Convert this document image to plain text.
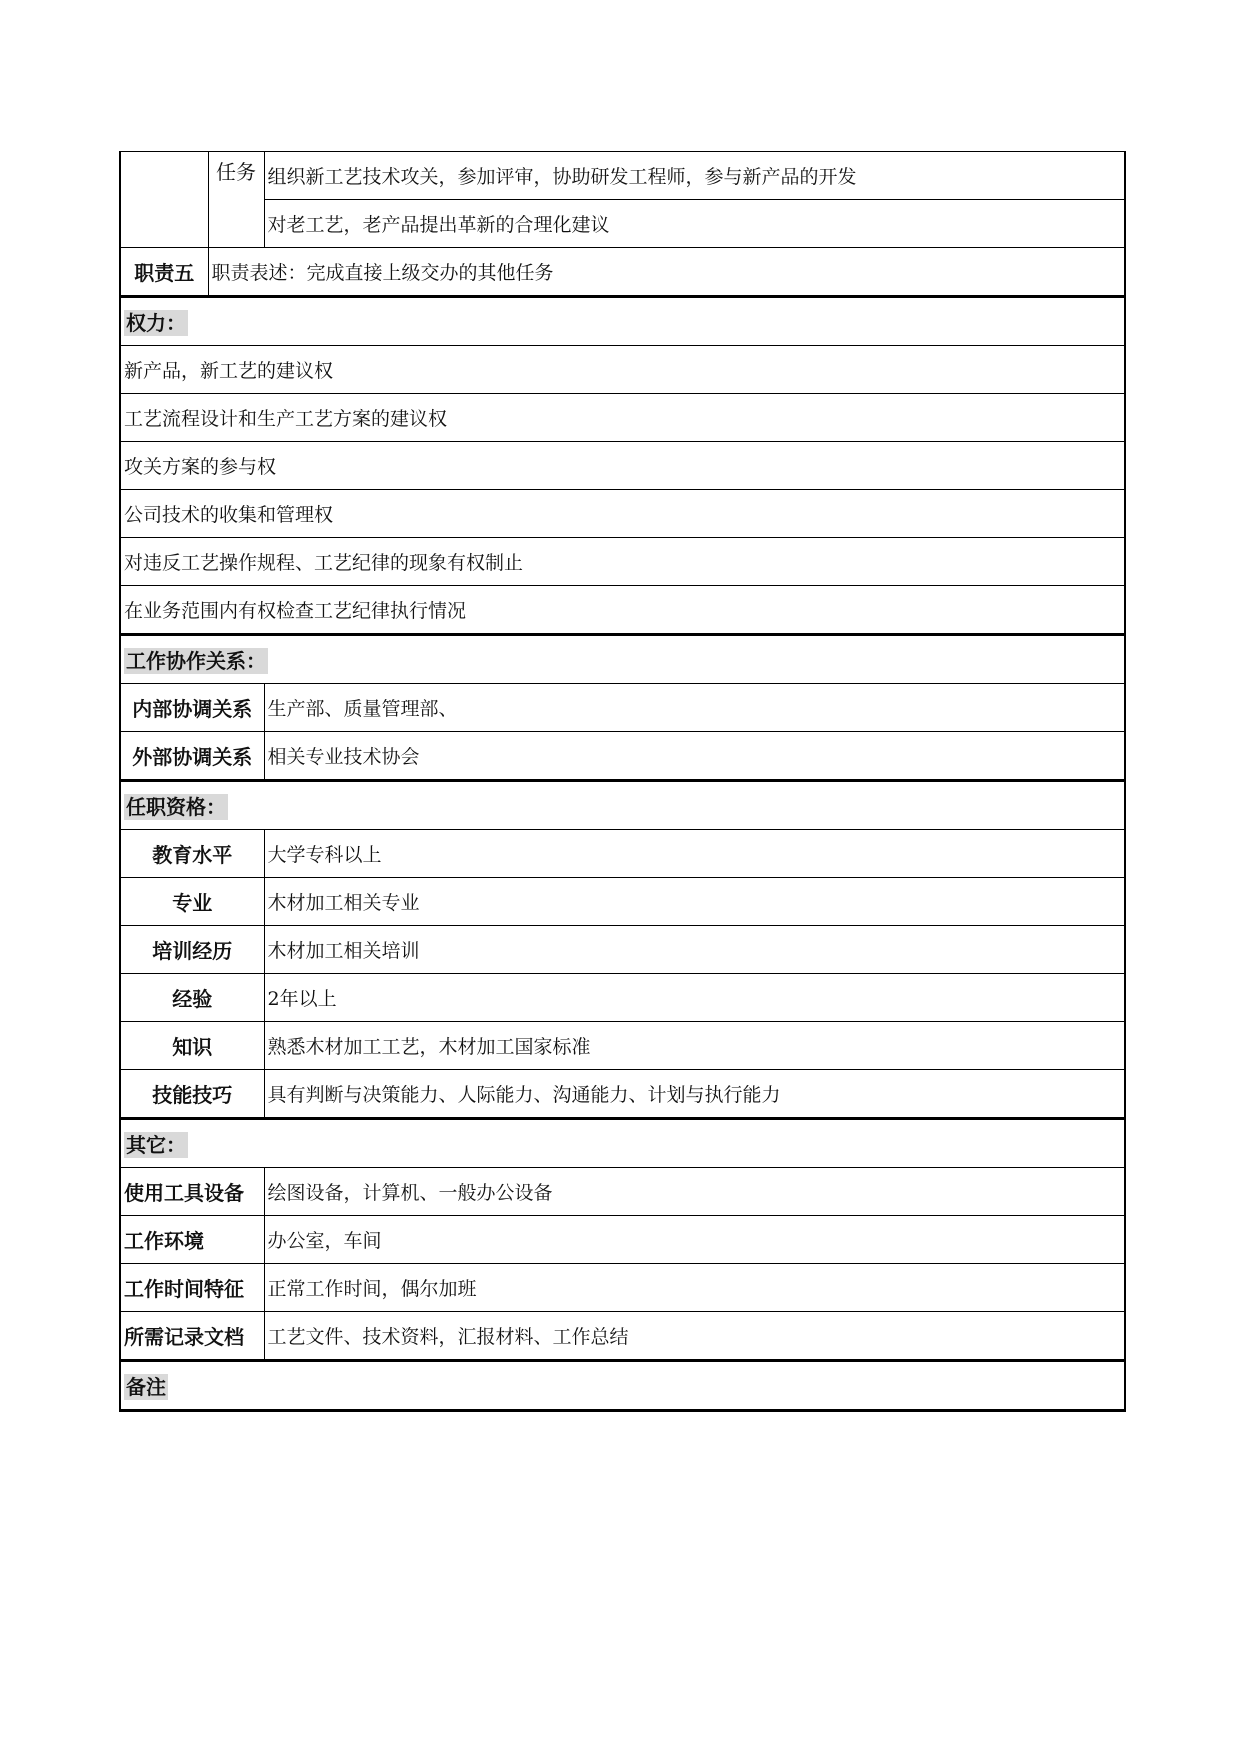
	任务	组织新工艺技术攻关，参加评审，协助研发工程师，参与新产品的开发
		对老工艺，老产品提出革新的合理化建议
职责五	职责表述：完成直接上级交办的其他任务	
权力：		
新产品，新工艺的建议权		
工艺流程设计和生产工艺方案的建议权		
攻关方案的参与权		
公司技术的收集和管理权		
对违反工艺操作规程、工艺纪律的现象有权制止		
在业务范围内有权检查工艺纪律执行情况		
工作协作关系：		
内部协调关系		生产部、质量管理部、
外部协调关系		相关专业技术协会
任职资格：		
教育水平		大学专科以上
专业		木材加工相关专业
培训经历		木材加工相关培训
经验		2年以上
知识		熟悉木材加工工艺，木材加工国家标准
技能技巧		具有判断与决策能力、人际能力、沟通能力、计划与执行能力
其它：		
使用工具设备		绘图设备，计算机、一般办公设备
工作环境		办公室，车间
工作时间特征		正常工作时间，偶尔加班
所需记录文档		工艺文件、技术资料，汇报材料、工作总结
备注		
